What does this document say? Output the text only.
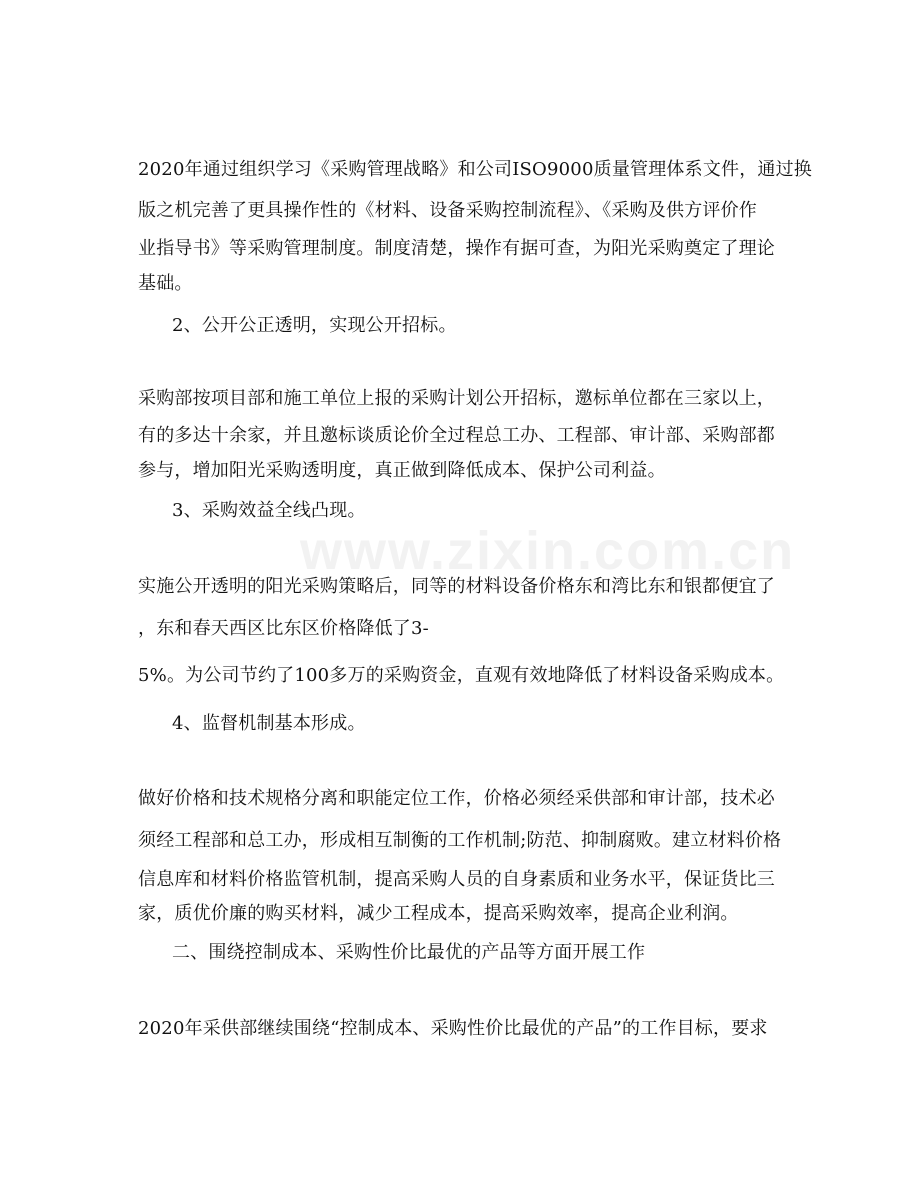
www.zixin.com.cn
2020年通过组织学习《采购管理战略》和公司ISO9000质量管理体系文件，通过换
版之机完善了更具操作性的《材料、设备采购控制流程》、《采购及供方评价作
业指导书》等采购管理制度。制度清楚，操作有据可查，为阳光采购奠定了理论
基础。
2、公开公正透明，实现公开招标。
采购部按项目部和施工单位上报的采购计划公开招标，邀标单位都在三家以上，
有的多达十余家，并且邀标谈质论价全过程总工办、工程部、审计部、采购部都
参与，增加阳光采购透明度，真正做到降低成本、保护公司利益。
3、采购效益全线凸现。
实施公开透明的阳光采购策略后，同等的材料设备价格东和湾比东和银都便宜了
，东和春天西区比东区价格降低了3-
5%。为公司节约了100多万的采购资金，直观有效地降低了材料设备采购成本。
4、监督机制基本形成。
做好价格和技术规格分离和职能定位工作，价格必须经采供部和审计部，技术必
须经工程部和总工办，形成相互制衡的工作机制;防范、抑制腐败。建立材料价格
信息库和材料价格监管机制，提高采购人员的自身素质和业务水平，保证货比三
家，质优价廉的购买材料，减少工程成本，提高采购效率，提高企业利润。
二、围绕控制成本、采购性价比最优的产品等方面开展工作
2020年采供部继续围绕“控制成本、采购性价比最优的产品”的工作目标，要求
